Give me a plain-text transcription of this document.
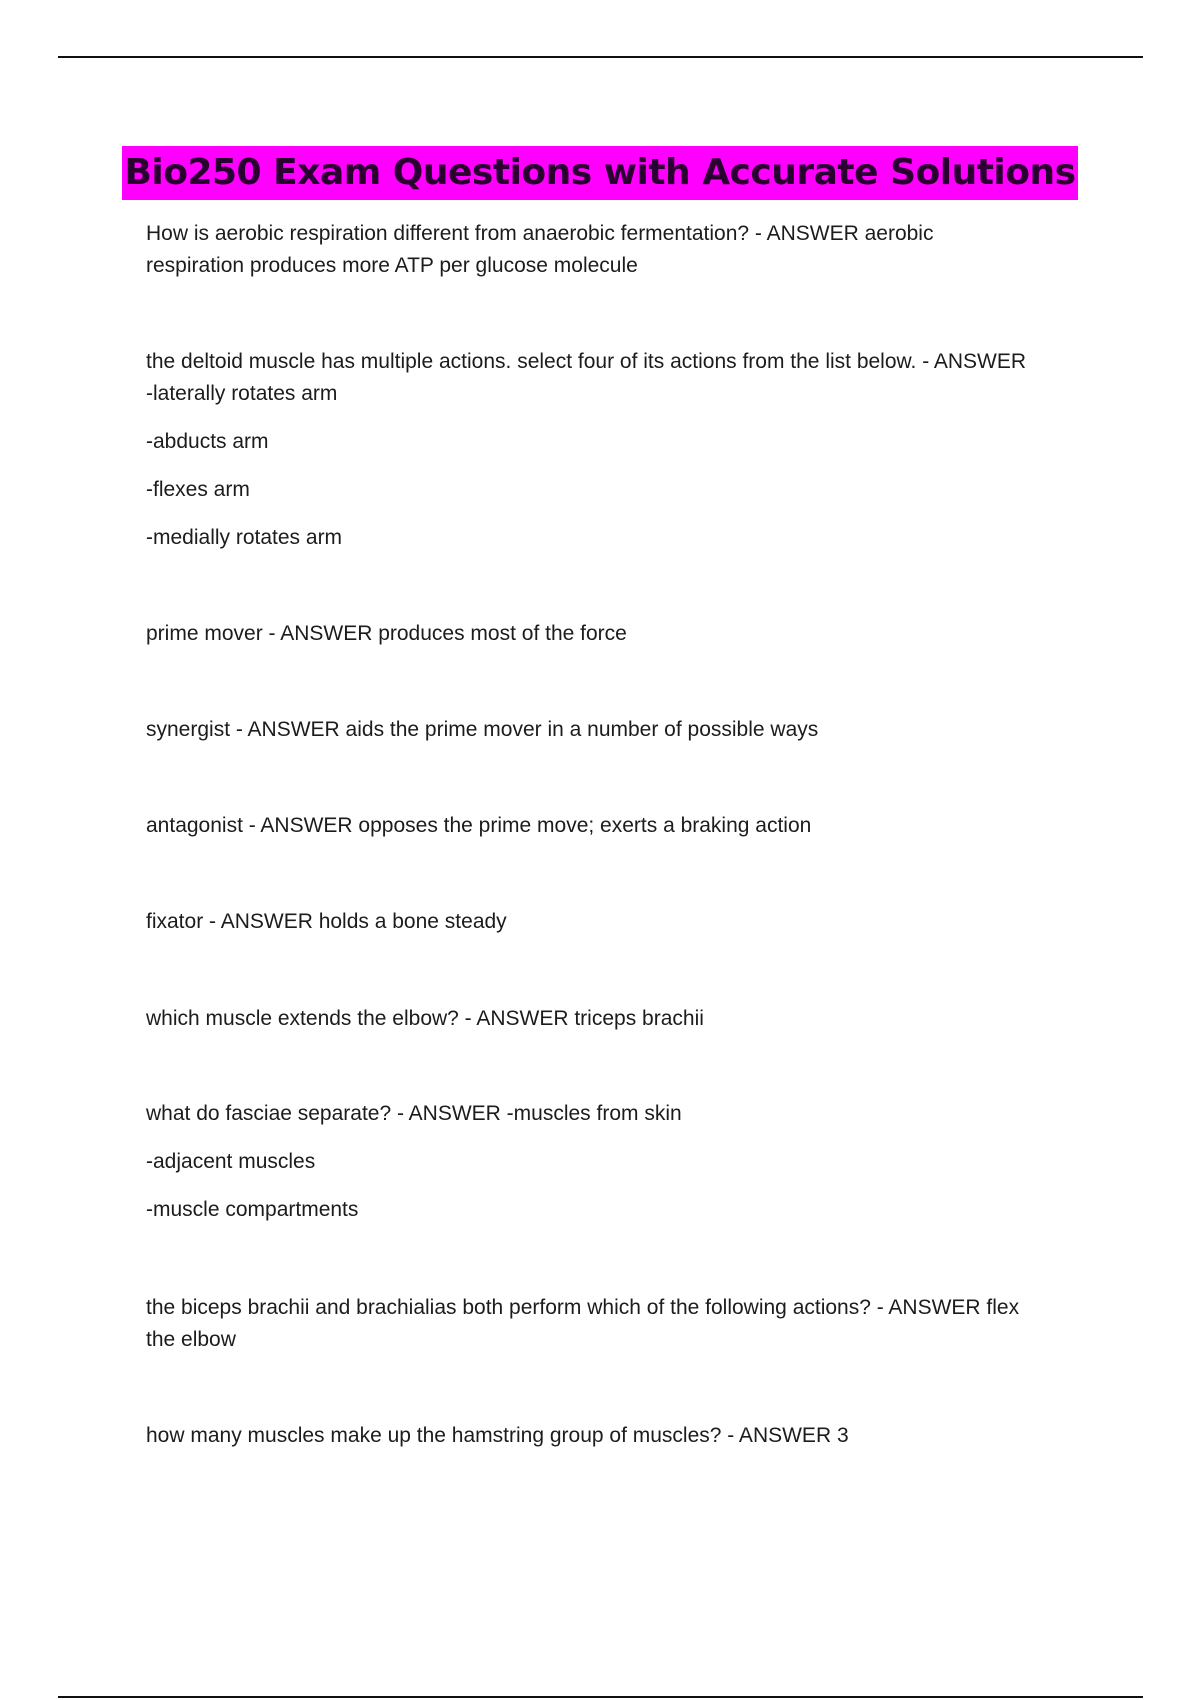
Bio250 Exam Questions with Accurate Solutions
How is aerobic respiration different from anaerobic fermentation? - ANSWER aerobic
respiration produces more ATP per glucose molecule
the deltoid muscle has multiple actions. select four of its actions from the list below. - ANSWER
-laterally rotates arm
-abducts arm
-flexes arm
-medially rotates arm
prime mover - ANSWER produces most of the force
synergist - ANSWER aids the prime mover in a number of possible ways
antagonist - ANSWER opposes the prime move; exerts a braking action
fixator - ANSWER holds a bone steady
which muscle extends the elbow? - ANSWER triceps brachii
what do fasciae separate? - ANSWER -muscles from skin
-adjacent muscles
-muscle compartments
the biceps brachii and brachialias both perform which of the following actions? - ANSWER flex
the elbow
how many muscles make up the hamstring group of muscles? - ANSWER 3
